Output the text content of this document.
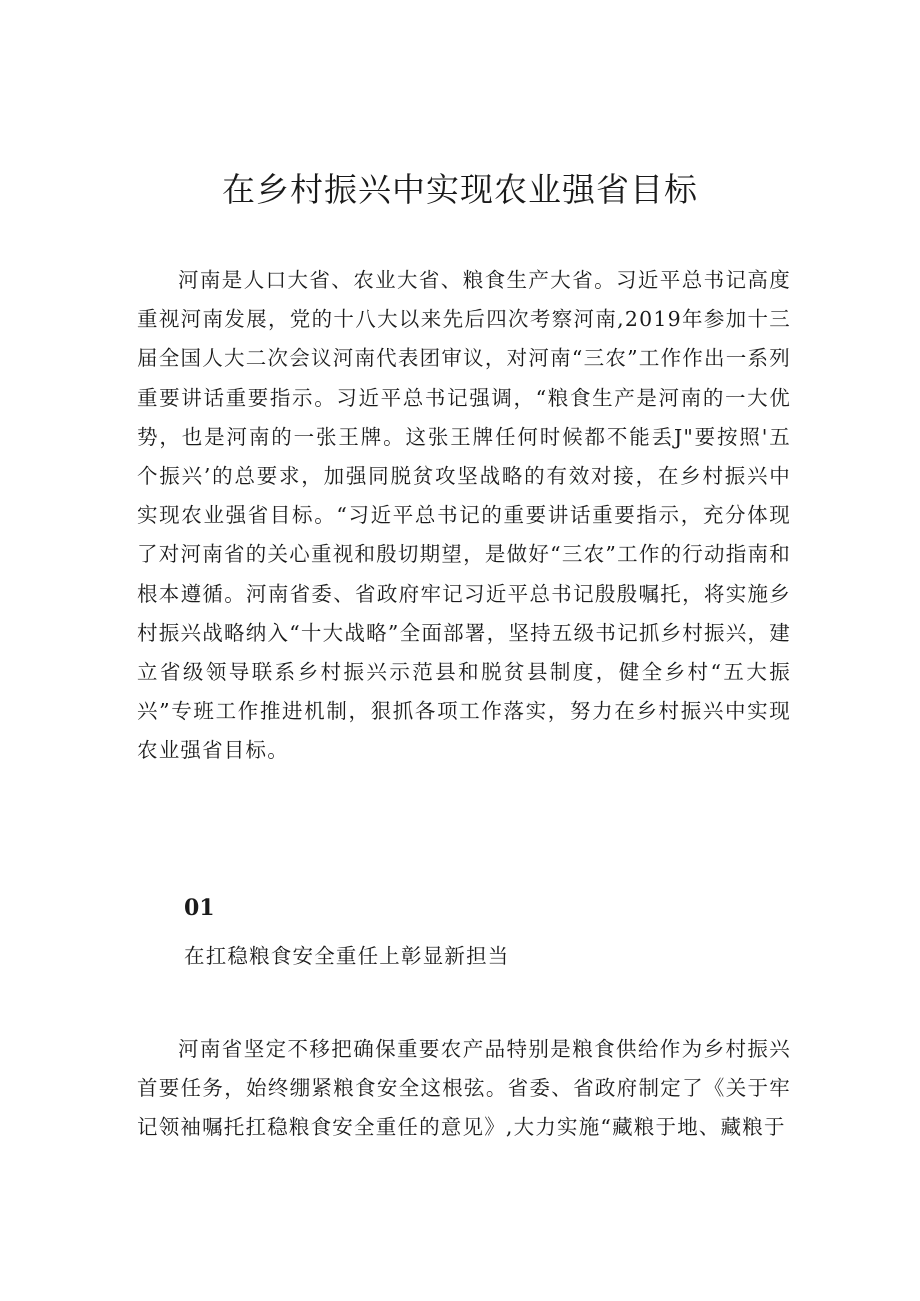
在乡村振兴中实现农业强省目标

河南是人口大省、农业大省、粮食生产大省。习近平总书记高度重视河南发展，党的十八大以来先后四次考察河南,2019年参加十三届全国人大二次会议河南代表团审议，对河南“三农”工作作出一系列重要讲话重要指示。习近平总书记强调，“粮食生产是河南的一大优势，也是河南的一张王牌。这张王牌任何时候都不能丢J"要按照'五个振兴’的总要求，加强同脱贫攻坚战略的有效对接，在乡村振兴中实现农业强省目标。“习近平总书记的重要讲话重要指示，充分体现了对河南省的关心重视和殷切期望，是做好“三农”工作的行动指南和根本遵循。河南省委、省政府牢记习近平总书记殷殷嘱托，将实施乡村振兴战略纳入“十大战略”全面部署，坚持五级书记抓乡村振兴，建立省级领导联系乡村振兴示范县和脱贫县制度，健全乡村“五大振兴”专班工作推进机制，狠抓各项工作落实，努力在乡村振兴中实现农业强省目标。

01
在扛稳粮食安全重任上彰显新担当

河南省坚定不移把确保重要农产品特别是粮食供给作为乡村振兴首要任务，始终绷紧粮食安全这根弦。省委、省政府制定了《关于牢记领袖嘱托扛稳粮食安全重任的意见》,大力实施“藏粮于地、藏粮于
